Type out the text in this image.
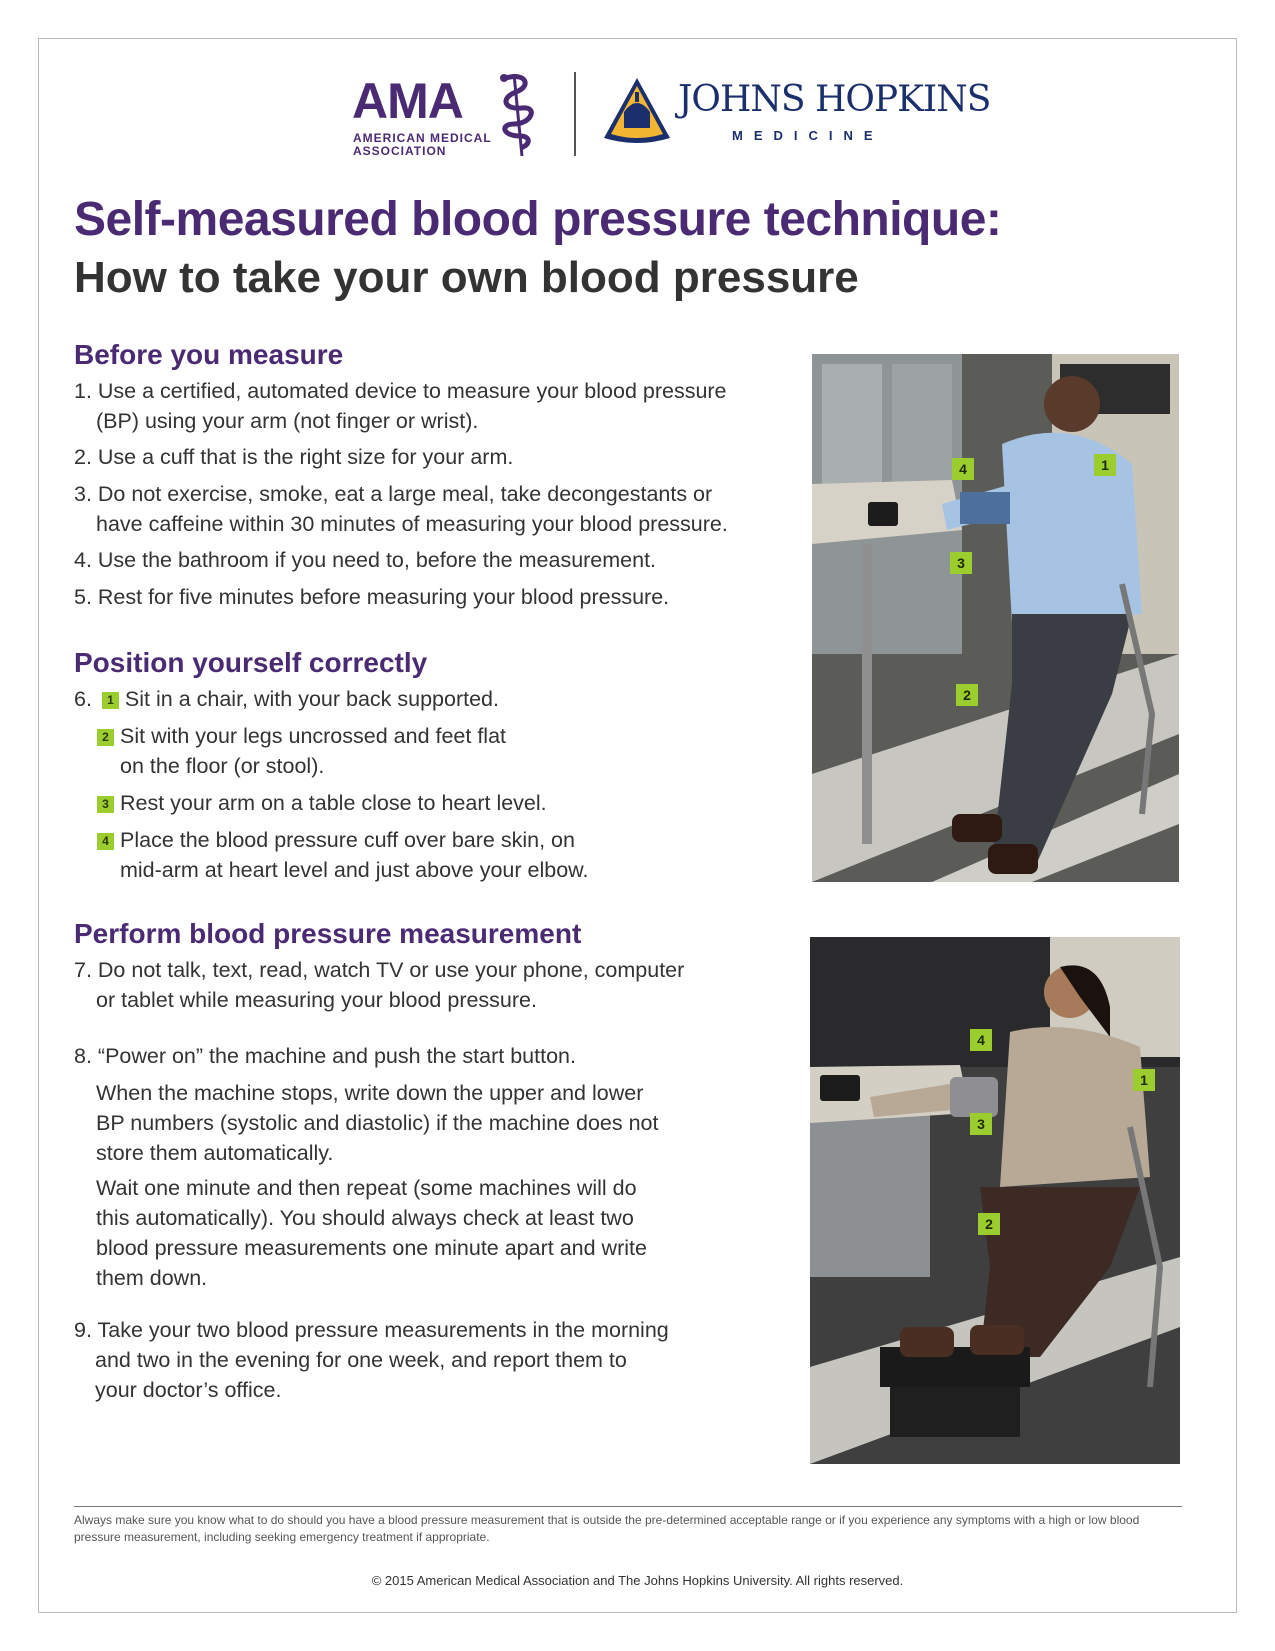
AMA
AMERICAN MEDICAL
ASSOCIATION
JOHNS HOPKINS
MEDICINE
Self-measured blood pressure technique:
How to take your own blood pressure
Before you measure
1. Use a certified, automated device to measure your blood pressure
(BP) using your arm (not finger or wrist).
2. Use a cuff that is the right size for your arm.
3. Do not exercise, smoke, eat a large meal, take decongestants or
have caffeine within 30 minutes of measuring your blood pressure.
4. Use the bathroom if you need to, before the measurement.
5. Rest for five minutes before measuring your blood pressure.
Position yourself correctly
6. 1 Sit in a chair, with your back supported.
2 Sit with your legs uncrossed and feet flat
on the floor (or stool).
3 Rest your arm on a table close to heart level.
4 Place the blood pressure cuff over bare skin, on
mid-arm at heart level and just above your elbow.
Perform blood pressure measurement
7. Do not talk, text, read, watch TV or use your phone, computer
or tablet while measuring your blood pressure.
8. “Power on” the machine and push the start button.
When the machine stops, write down the upper and lower
BP numbers (systolic and diastolic) if the machine does not
store them automatically.
Wait one minute and then repeat (some machines will do
this automatically). You should always check at least two
blood pressure measurements one minute apart and write
them down.
9. Take your two blood pressure measurements in the morning
and two in the evening for one week, and report them to
your doctor’s office.
1
2
3
4
1
2
3
4
Always make sure you know what to do should you have a blood pressure measurement that is outside the pre-determined acceptable range or if you experience any symptoms with a high or low blood pressure measurement, including seeking emergency treatment if appropriate.
© 2015 American Medical Association and The Johns Hopkins University. All rights reserved.
